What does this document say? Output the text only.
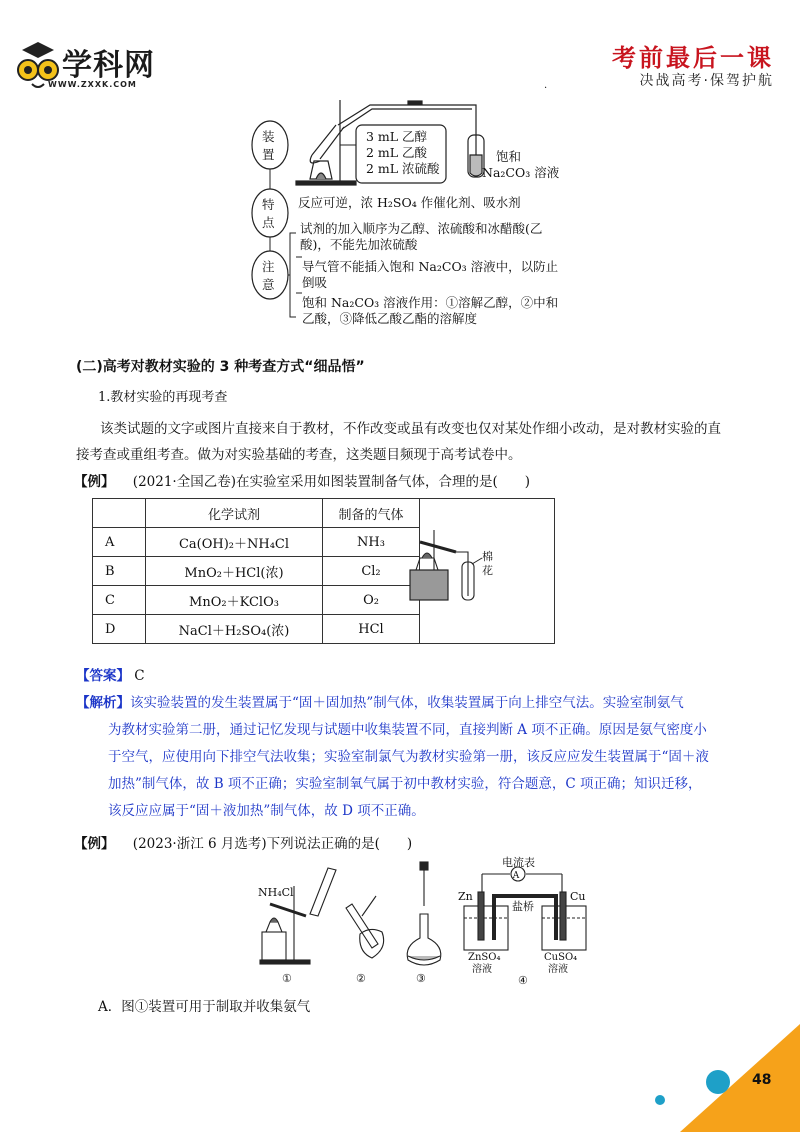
学科网
WWW.ZXXK.COM
考前最后一课
决战高考·保驾护航
.
装
置
特
点
注
意
3 mL 乙醇
2 mL 乙酸
2 mL 浓硫酸
饱和
Na₂CO₃ 溶液
反应可逆，浓 H₂SO₄ 作催化剂、吸水剂
试剂的加入顺序为乙醇、浓硫酸和冰醋酸(乙
酸)，不能先加浓硫酸
导气管不能插入饱和 Na₂CO₃ 溶液中，以防止
倒吸
饱和 Na₂CO₃ 溶液作用：①溶解乙醇，②中和
乙酸，③降低乙酸乙酯的溶解度
(二)高考对教材实验的 3 种考查方式“细品悟”
1.教材实验的再现考查
该类试题的文字或图片直接来自于教材，不作改变或虽有改变也仅对某处作细小改动，是对教材实验的直接考查或重组考查。做为对实验基础的考查，这类题目频现于高考试卷中。
【例】 (2021·全国乙卷)在实验室采用如图装置制备气体，合理的是(　　)
	化学试剂	制备的气体	
A	Ca(OH)₂＋NH₄Cl	NH₃	
B	MnO₂＋HCl(浓)	Cl₂	
C	MnO₂＋KClO₃	O₂	
D	NaCl＋H₂SO₄(浓)	HCl	
棉
花
【答案】 C
【解析】该实验装置的发生装置属于“固＋固加热”制气体，收集装置属于向上排空气法。实验室制氨气
为教材实验第二册，通过记忆发现与试题中收集装置不同，直接判断 A 项不正确。原因是氨气密度小
于空气，应使用向下排空气法收集；实验室制氯气为教材实验第一册，该反应应发生装置属于“固＋液
加热”制气体，故 B 项不正确；实验室制氧气属于初中教材实验，符合题意，C 项正确；知识迁移，
该反应应属于“固＋液加热”制气体，故 D 项不正确。
【例】 (2023·浙江 6 月选考)下列说法正确的是(　　)
NH₄Cl
①	②	③
A
电流表
Zn	Cu
盐桥
ZnSO₄
溶液
CuSO₄
溶液
④
A．图①装置可用于制取并收集氨气
48
